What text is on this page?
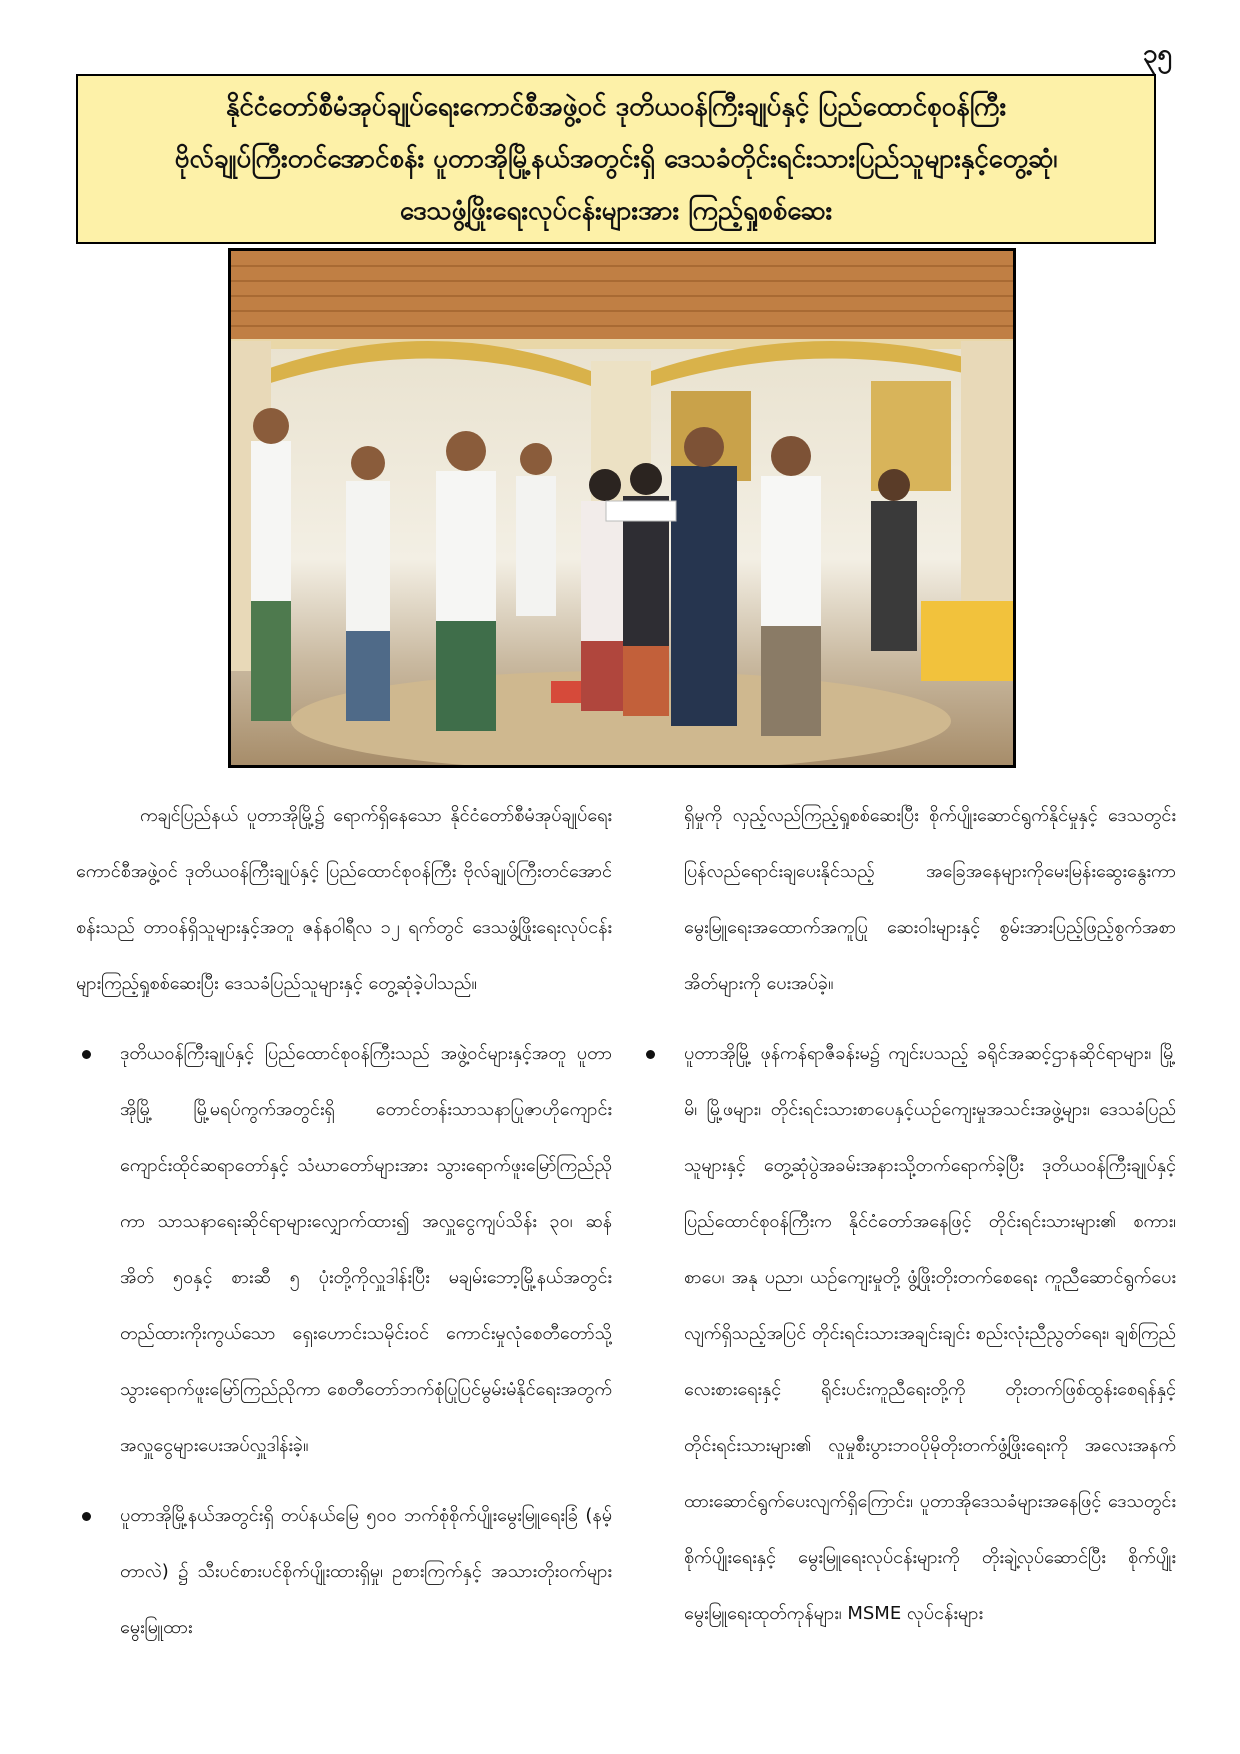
၃၅
နိုင်ငံတော်စီမံအုပ်ချုပ်ရေးကောင်စီအဖွဲ့ဝင် ဒုတိယဝန်ကြီးချုပ်နှင့် ပြည်ထောင်စုဝန်ကြီး
ဗိုလ်ချုပ်ကြီးတင်အောင်စန်း ပူတာအိုမြို့နယ်အတွင်းရှိ ဒေသခံတိုင်းရင်းသားပြည်သူများနှင့်တွေ့ဆုံ၊
ဒေသဖွံ့ဖြိုးရေးလုပ်ငန်းများအား ကြည့်ရှုစစ်ဆေး

ကချင်ပြည်နယ် ပူတာအိုမြို့၌ ရောက်ရှိနေသော နိုင်ငံတော်စီမံအုပ်ချုပ်ရေးကောင်စီအဖွဲ့ဝင် ဒုတိယဝန်ကြီးချုပ်နှင့် ပြည်ထောင်စုဝန်ကြီး ဗိုလ်ချုပ်ကြီးတင်အောင်စန်းသည် တာဝန်ရှိသူများနှင့်အတူ ဇန်နဝါရီလ ၁၂ ရက်တွင် ဒေသဖွံ့ဖြိုးရေးလုပ်ငန်းများကြည့်ရှုစစ်ဆေးပြီး ဒေသခံပြည်သူများနှင့် တွေ့ဆုံခဲ့ပါသည်။

ဒုတိယဝန်ကြီးချုပ်နှင့် ပြည်ထောင်စုဝန်ကြီးသည် အဖွဲ့ဝင်များနှင့်အတူ ပူတာအိုမြို့ မြို့မရပ်ကွက်အတွင်းရှိ တောင်တန်းသာသနာပြုဇာဟိုကျောင်း ကျောင်းထိုင်ဆရာတော်နှင့် သံဃာတော်များအား သွားရောက်ဖူးမြော်ကြည်ညိုကာ သာသနာရေးဆိုင်ရာများလျှောက်ထား၍ အလှူငွေကျပ်သိန်း ၃၀၊ ဆန်အိတ် ၅၀နှင့် စားဆီ ၅ ပုံးတို့ကိုလှူဒါန်းပြီး မချမ်းဘော့မြို့နယ်အတွင်း တည်ထားကိုးကွယ်သော ရှေးဟောင်းသမိုင်းဝင် ကောင်းမှုလုံစေတီတော်သို့ သွားရောက်ဖူးမြော်ကြည်ညိုကာ စေတီတော်ဘက်စုံပြုပြင်မွမ်းမံနိုင်ရေးအတွက် အလှူငွေများပေးအပ်လှူဒါန်းခဲ့။
ပူတာအိုမြို့နယ်အတွင်းရှိ တပ်နယ်မြေ ၅၀၀ ဘက်စုံစိုက်ပျိုးမွေးမြူရေးခြံ (နမ့်တာလဲ) ၌ သီးပင်စားပင်စိုက်ပျိုးထားရှိမှု၊ ဥစားကြက်နှင့် အသားတိုးဝက်များ မွေးမြူထား
ရှိမှုကို လှည့်လည်ကြည့်ရှုစစ်ဆေးပြီး စိုက်ပျိုးဆောင်ရွက်နိုင်မှုနှင့် ဒေသတွင်း ပြန်လည်ရောင်းချပေးနိုင်သည့် အခြေအနေများကိုမေးမြန်းဆွေးနွေးကာ မွေးမြူရေးအထောက်အကူပြု ဆေးဝါးများနှင့် စွမ်းအားပြည့်ဖြည့်စွက်အစာအိတ်များကို ပေးအပ်ခဲ့။
ပူတာအိုမြို့ ဖုန်ကန်ရာဇီခန်းမ၌ ကျင်းပသည့် ခရိုင်အဆင့်ဌာနဆိုင်ရာများ၊ မြို့မိ၊ မြို့ဖများ၊ တိုင်းရင်းသားစာပေနှင့်ယဉ်ကျေးမှုအသင်းအဖွဲ့များ၊ ဒေသခံပြည်သူများနှင့် တွေ့ဆုံပွဲအခမ်းအနားသို့တက်ရောက်ခဲ့ပြီး ဒုတိယဝန်ကြီးချုပ်နှင့် ပြည်ထောင်စုဝန်ကြီးက နိုင်ငံတော်အနေဖြင့် တိုင်းရင်းသားများ၏ စကား၊ စာပေ၊ အနု ပညာ၊ ယဉ်ကျေးမှုတို့ ဖွံ့ဖြိုးတိုးတက်စေရေး ကူညီဆောင်ရွက်ပေးလျက်ရှိသည့်အပြင် တိုင်းရင်းသားအချင်းချင်း စည်းလုံးညီညွတ်ရေး၊ ချစ်ကြည်လေးစားရေးနှင့် ရိုင်းပင်းကူညီရေးတို့ကို တိုးတက်ဖြစ်ထွန်းစေရန်နှင့် တိုင်းရင်းသားများ၏ လူမှုစီးပွားဘဝပိုမိုတိုးတက်ဖွံ့ဖြိုးရေးကို အလေးအနက်ထားဆောင်ရွက်ပေးလျက်ရှိကြောင်း၊ ပူတာအိုဒေသခံများအနေဖြင့် ဒေသတွင်းစိုက်ပျိုးရေးနှင့် မွေးမြူရေးလုပ်ငန်းများကို တိုးချဲ့လုပ်ဆောင်ပြီး စိုက်ပျိုးမွေးမြူရေးထုတ်ကုန်များ၊ MSME လုပ်ငန်းများ
